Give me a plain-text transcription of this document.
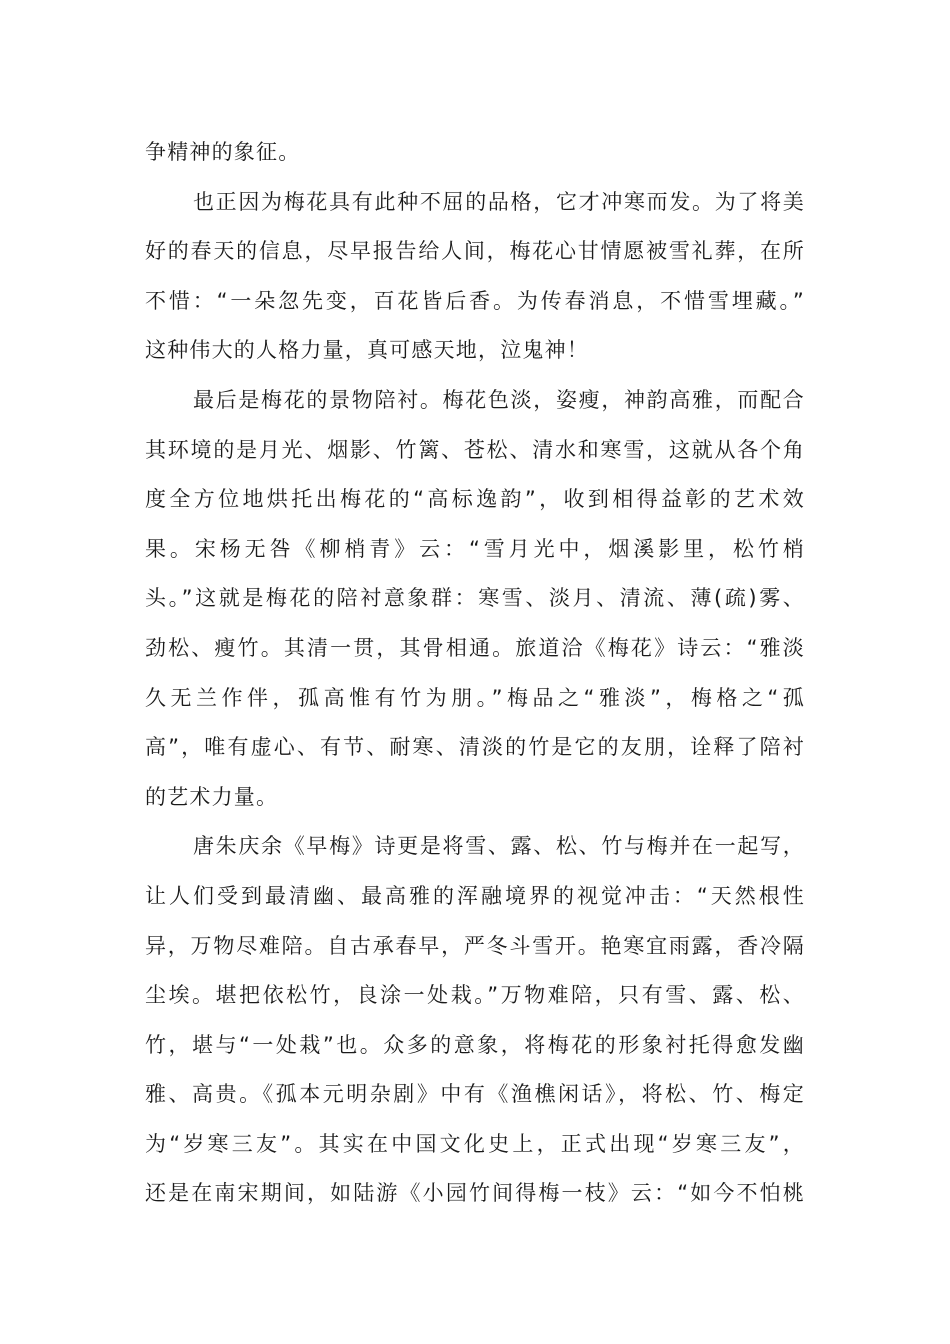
争精神的象征。
也正因为梅花具有此种不屈的品格，它才冲寒而发。为了将美
好的春天的信息，尽早报告给人间，梅花心甘情愿被雪礼葬，在所
不惜：“一朵忽先变，百花皆后香。为传春消息，不惜雪埋藏。”
这种伟大的人格力量，真可感天地，泣鬼神！
最后是梅花的景物陪衬。梅花色淡，姿瘦，神韵高雅，而配合
其环境的是月光、烟影、竹篱、苍松、清水和寒雪，这就从各个角
度全方位地烘托出梅花的“高标逸韵”，收到相得益彰的艺术效
果。宋杨无咎《柳梢青》云：“雪月光中，烟溪影里，松竹梢
头。”这就是梅花的陪衬意象群：寒雪、淡月、清流、薄(疏)雾、
劲松、瘦竹。其清一贯，其骨相通。旅道洽《梅花》诗云：“雅淡
久无兰作伴，孤高惟有竹为朋。”梅品之“雅淡”，梅格之“孤
高”，唯有虚心、有节、耐寒、清淡的竹是它的友朋，诠释了陪衬
的艺术力量。
唐朱庆余《早梅》诗更是将雪、露、松、竹与梅并在一起写，
让人们受到最清幽、最高雅的浑融境界的视觉冲击：“天然根性
异，万物尽难陪。自古承春早，严冬斗雪开。艳寒宜雨露，香冷隔
尘埃。堪把依松竹，良涂一处栽。”万物难陪，只有雪、露、松、
竹，堪与“一处栽”也。众多的意象，将梅花的形象衬托得愈发幽
雅、高贵。《孤本元明杂剧》中有《渔樵闲话》，将松、竹、梅定
为“岁寒三友”。其实在中国文化史上，正式出现“岁寒三友”，
还是在南宋期间，如陆游《小园竹间得梅一枝》云：“如今不怕桃
